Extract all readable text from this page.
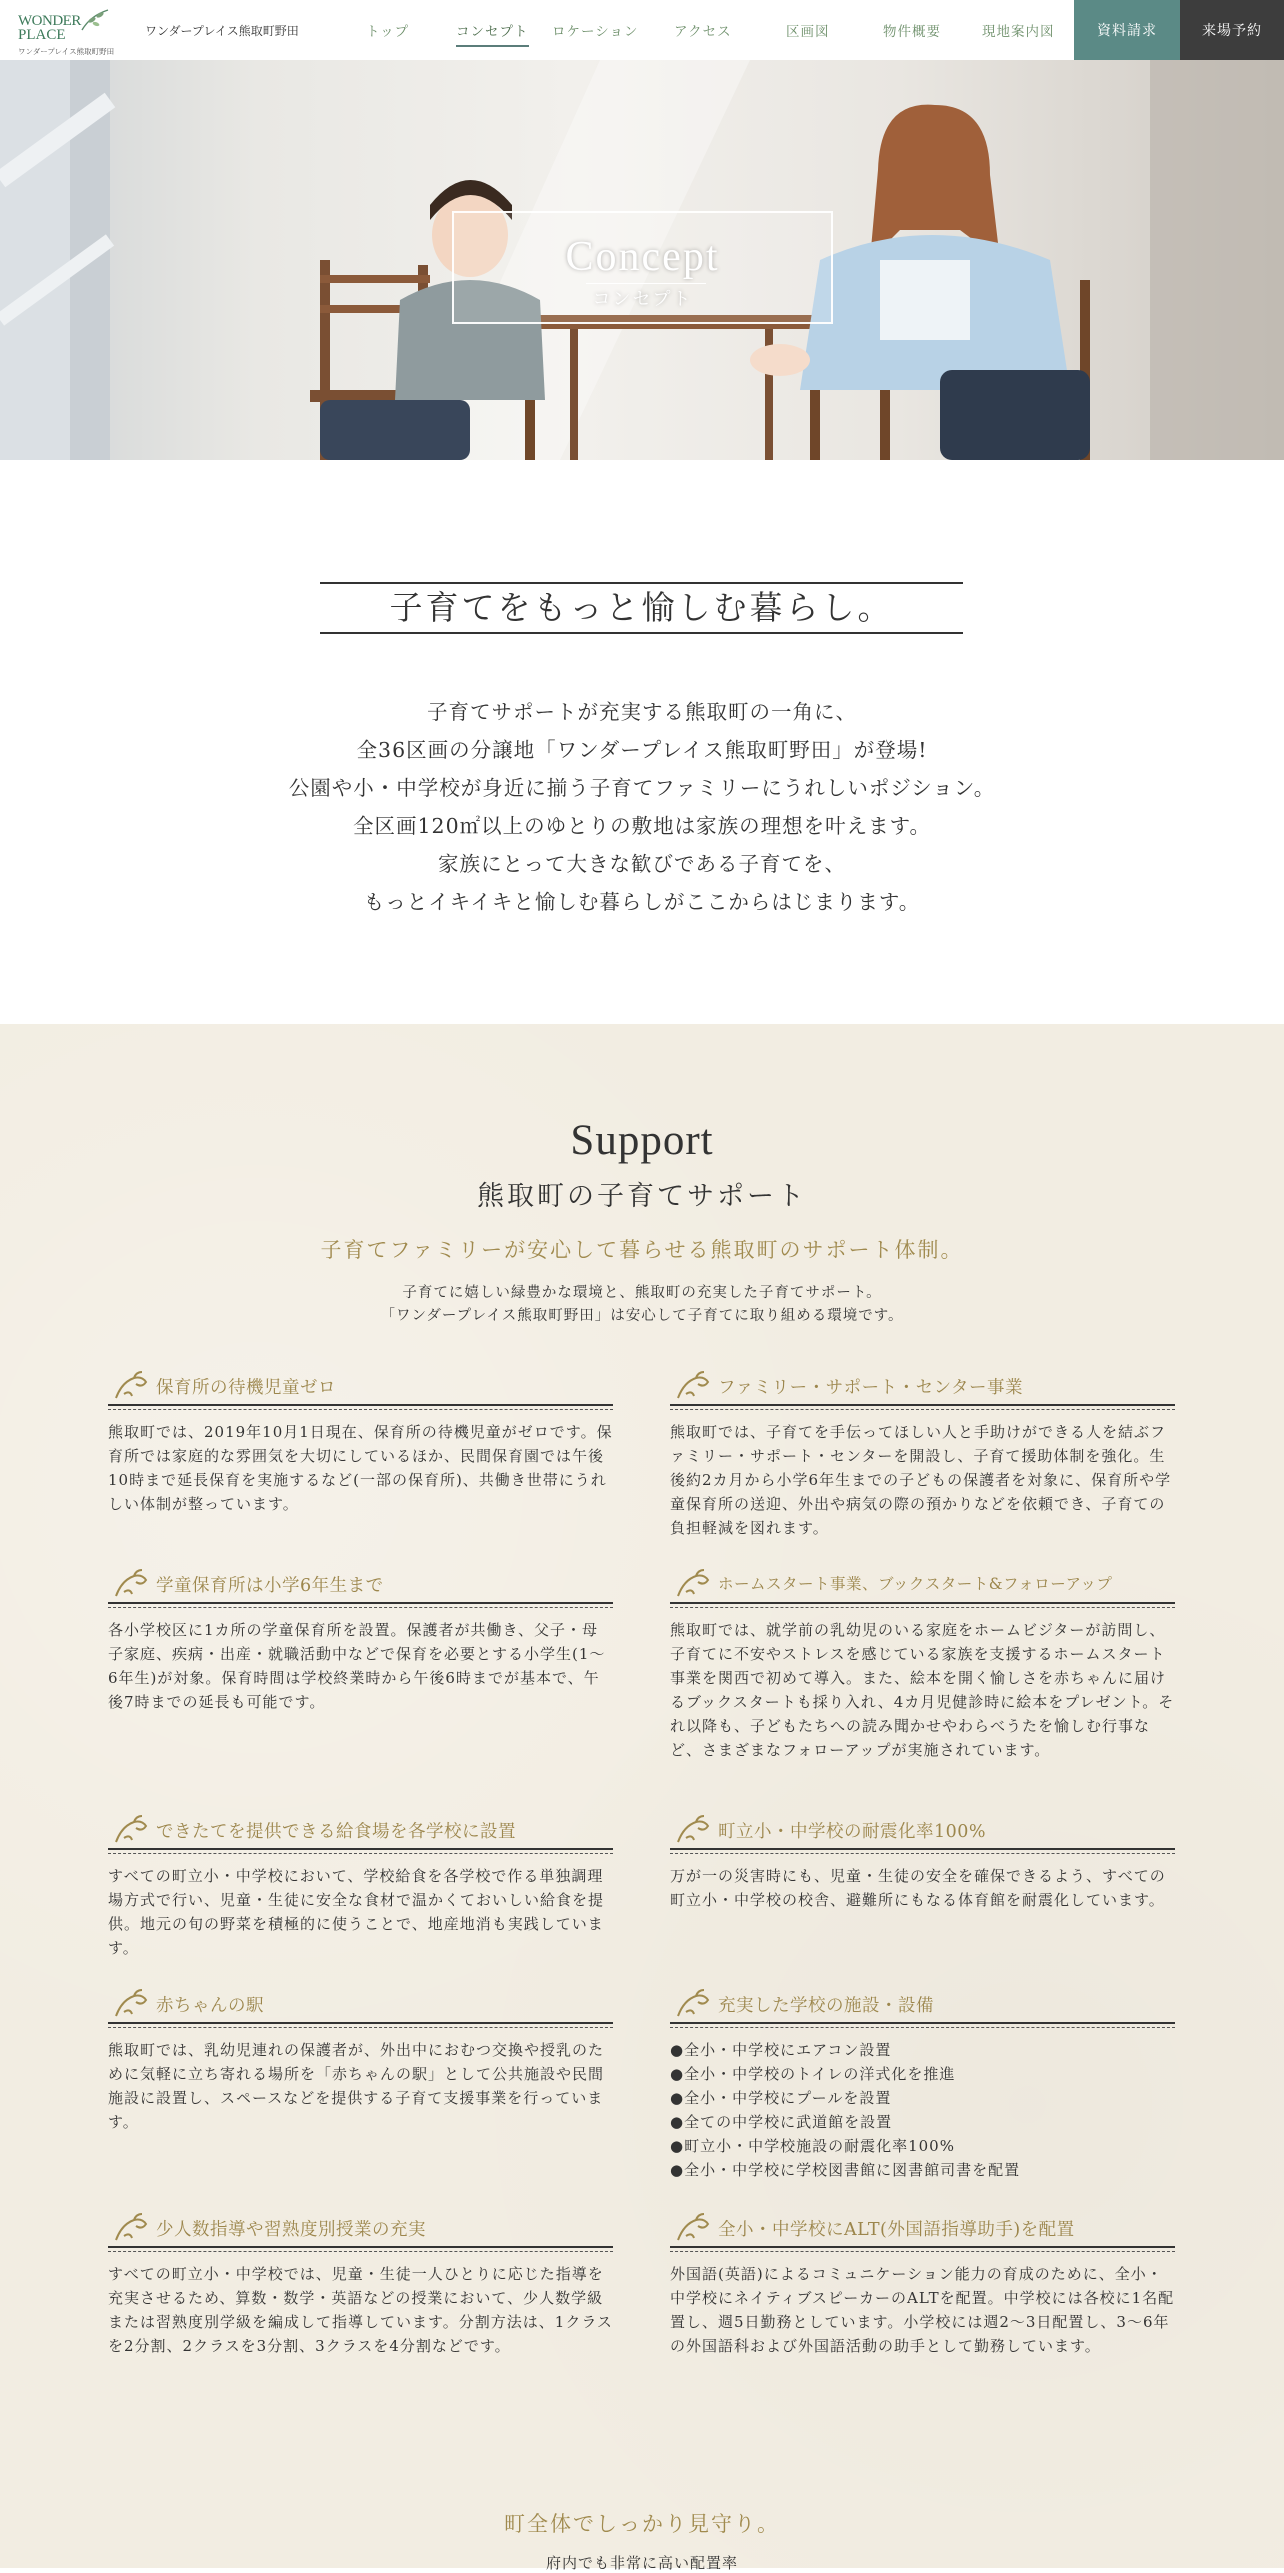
WONDER
PLACE
ワンダープレイス熊取町野田
ワンダープレイス熊取町野田	トップ	コンセプト ロケーション	アクセス	区画図	物件概要	現地案内図	資料請求	来場予約
Concept
コンセプト
子育てをもっと愉しむ暮らし。

子育てサポートが充実する熊取町の一角に、

全36区画の分譲地「ワンダープレイス熊取町野田」が登場!

公園や小・中学校が身近に揃う子育てファミリーにうれしいポジション。

全区画120㎡以上のゆとりの敷地は家族の理想を叶えます。

家族にとって大きな歓びである子育てを、

もっとイキイキと愉しむ暮らしがここからはじまります。

Support
熊取町の子育てサポート
子育てファミリーが安心して暮らせる熊取町のサポート体制。

子育てに嬉しい緑豊かな環境と、熊取町の充実した子育てサポート。

「ワンダープレイス熊取町野田」は安心して子育てに取り組める環境です。

保育所の待機児童ゼロ
熊取町では、2019年10月1日現在、保育所の待機児童がゼロです。保育所では家庭的な雰囲気を大切にしているほか、民間保育園では午後10時まで延長保育を実施するなど(一部の保育所)、共働き世帯にうれしい体制が整っています。
ファミリー・サポート・センター事業
熊取町では、子育てを手伝ってほしい人と手助けができる人を結ぶファミリー・サポート・センターを開設し、子育て援助体制を強化。生後約2カ月から小学6年生までの子どもの保護者を対象に、保育所や学童保育所の送迎、外出や病気の際の預かりなどを依頼でき、子育ての負担軽減を図れます。
学童保育所は小学6年生まで
各小学校区に1カ所の学童保育所を設置。保護者が共働き、父子・母子家庭、疾病・出産・就職活動中などで保育を必要とする小学生(1〜6年生)が対象。保育時間は学校終業時から午後6時までが基本で、午後7時までの延長も可能です。
ホームスタート事業、ブックスタート&フォローアップ
熊取町では、就学前の乳幼児のいる家庭をホームビジターが訪問し、子育てに不安やストレスを感じている家族を支援するホームスタート事業を関西で初めて導入。また、絵本を開く愉しさを赤ちゃんに届けるブックスタートも採り入れ、4カ月児健診時に絵本をプレゼント。それ以降も、子どもたちへの読み聞かせやわらべうたを愉しむ行事など、さまざまなフォローアップが実施されています。
できたてを提供できる給食場を各学校に設置
すべての町立小・中学校において、学校給食を各学校で作る単独調理場方式で行い、児童・生徒に安全な食材で温かくておいしい給食を提供。地元の旬の野菜を積極的に使うことで、地産地消も実践しています。
町立小・中学校の耐震化率100%
万が一の災害時にも、児童・生徒の安全を確保できるよう、すべての町立小・中学校の校舎、避難所にもなる体育館を耐震化しています。
赤ちゃんの駅
熊取町では、乳幼児連れの保護者が、外出中におむつ交換や授乳のために気軽に立ち寄れる場所を「赤ちゃんの駅」として公共施設や民間施設に設置し、スペースなどを提供する子育て支援事業を行っています。
充実した学校の施設・設備
●全小・中学校にエアコン設置
●全小・中学校のトイレの洋式化を推進
●全小・中学校にプールを設置
●全ての中学校に武道館を設置
●町立小・中学校施設の耐震化率100%
●全小・中学校に学校図書館に図書館司書を配置
少人数指導や習熟度別授業の充実
すべての町立小・中学校では、児童・生徒一人ひとりに応じた指導を充実させるため、算数・数学・英語などの授業において、少人数学級または習熟度別学級を編成して指導しています。分割方法は、1クラスを2分割、2クラスを3分割、3クラスを4分割などです。
全小・中学校にALT(外国語指導助手)を配置
外国語(英語)によるコミュニケーション能力の育成のために、全小・中学校にネイティブスピーカーのALTを配置。中学校には各校に1名配置し、週5日勤務としています。小学校には週2〜3日配置し、3〜6年の外国語科および外国語活動の助手として勤務しています。
町全体でしっかり見守り。
府内でも非常に高い配置率
